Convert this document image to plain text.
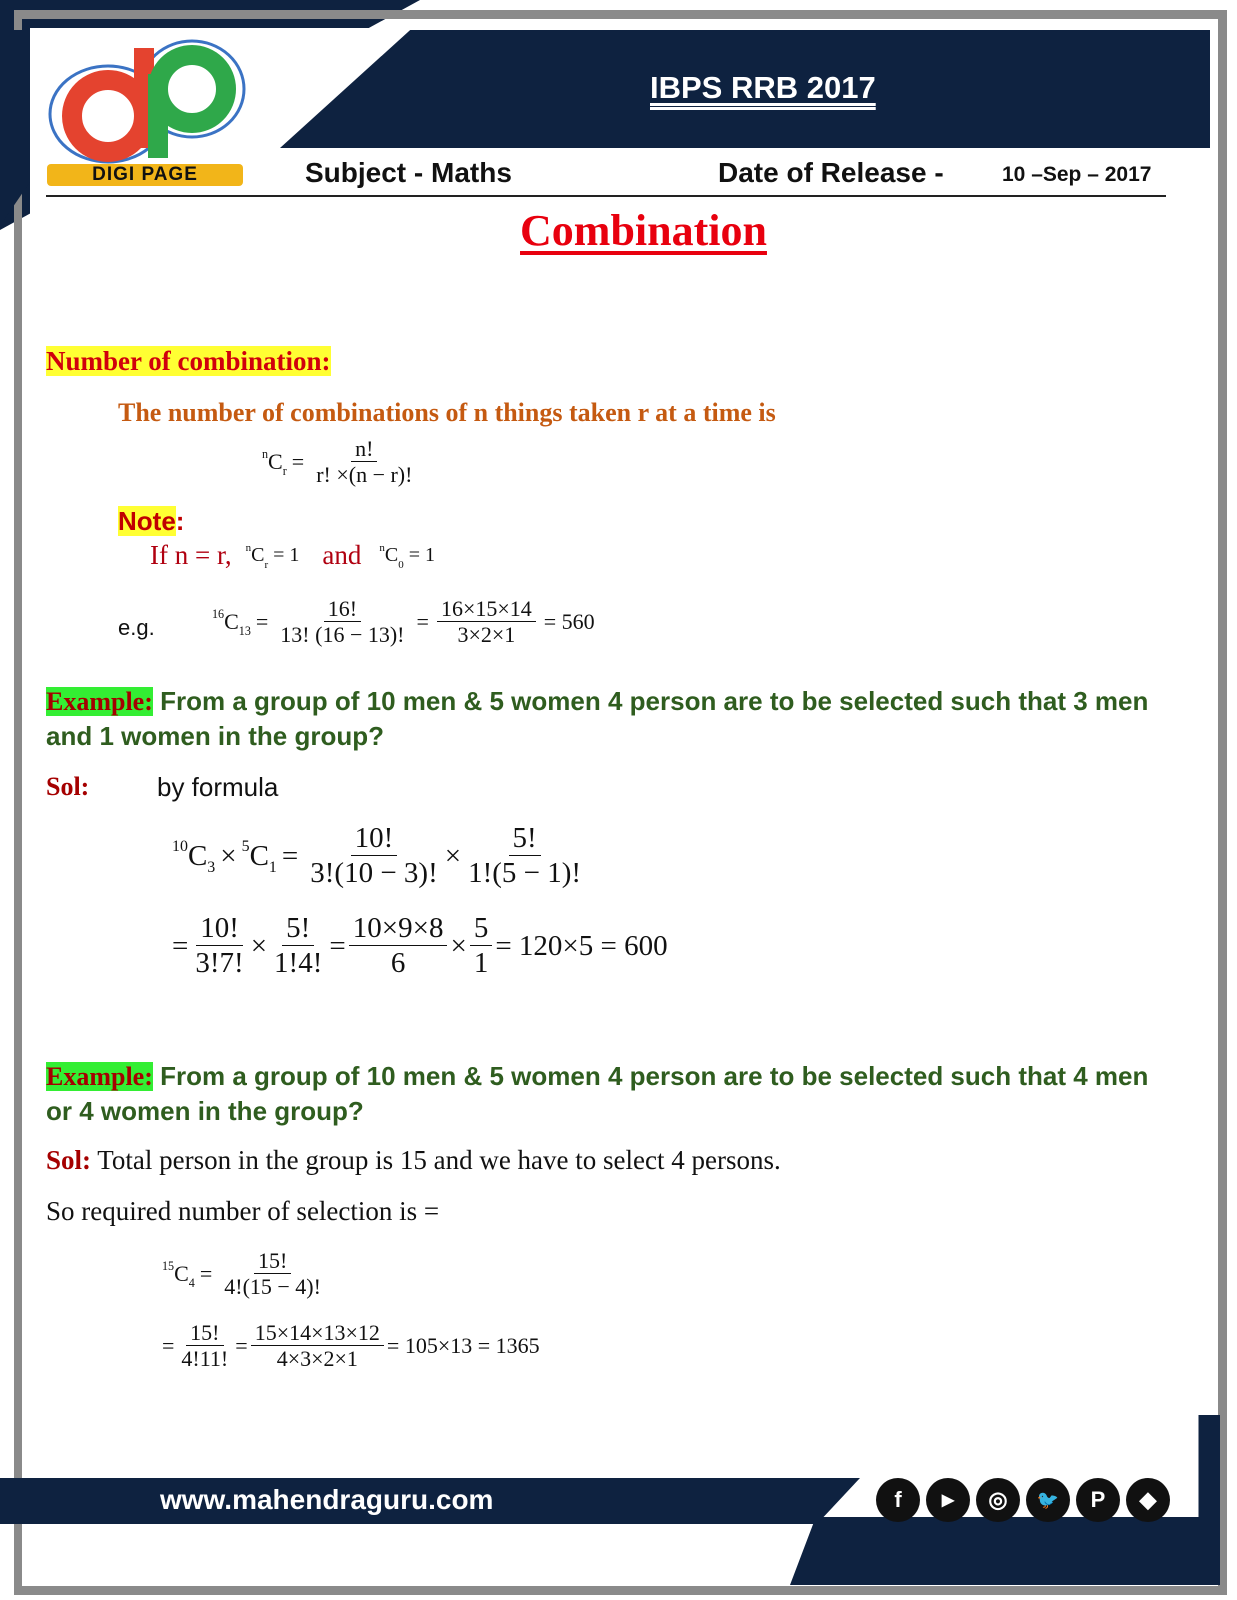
DIGI PAGE
IBPS RRB 2017
Subject - Maths	Date of Release -	10 –Sep – 2017
Combination
Number of combination:
The number of combinations of n things taken r at a time is
n $C_r = \frac{n!}{r! \times(n - r)!}$
Note:
If n = r, n $C_r = 1$ and n $C_0 = 1$
e.g.
16 $C_{13} = \frac{16!}{13! (16 - 13)!} = \frac{16\times 15\times 14}{3\times 2\times 1} = 560$
Example: From a group of 10 men & 5 women 4 person are to be selected such that 3 men and 1 women in the group?
Sol:	by formula
10 $C_3 \times 5$ $C_1 = \frac{10!}{3!(10 - 3)!} \times \frac{5!}{1!(5 - 1)!}$
= $\frac{10!}{3!7!} \times \frac{5!}{1!4!} = \frac{10\times 9\times 8}{6} \times \frac{5}{1} = 120\times 5 = 600$
Example: From a group of 10 men & 5 women 4 person are to be selected such that 4 men or 4 women in the group?
Sol: Total person in the group is 15 and we have to select 4 persons.
So required number of selection is =
15 $C_4 = \frac{15!}{4!(15 - 4)!}$
= $\frac{15!}{4!11!} = \frac{15\times 14\times 13\times 12}{4\times 3\times 2\times 1} = 105\times 13 = 1365$
www.mahendraguru.com	f	▶	◎	🐦	P	◆
